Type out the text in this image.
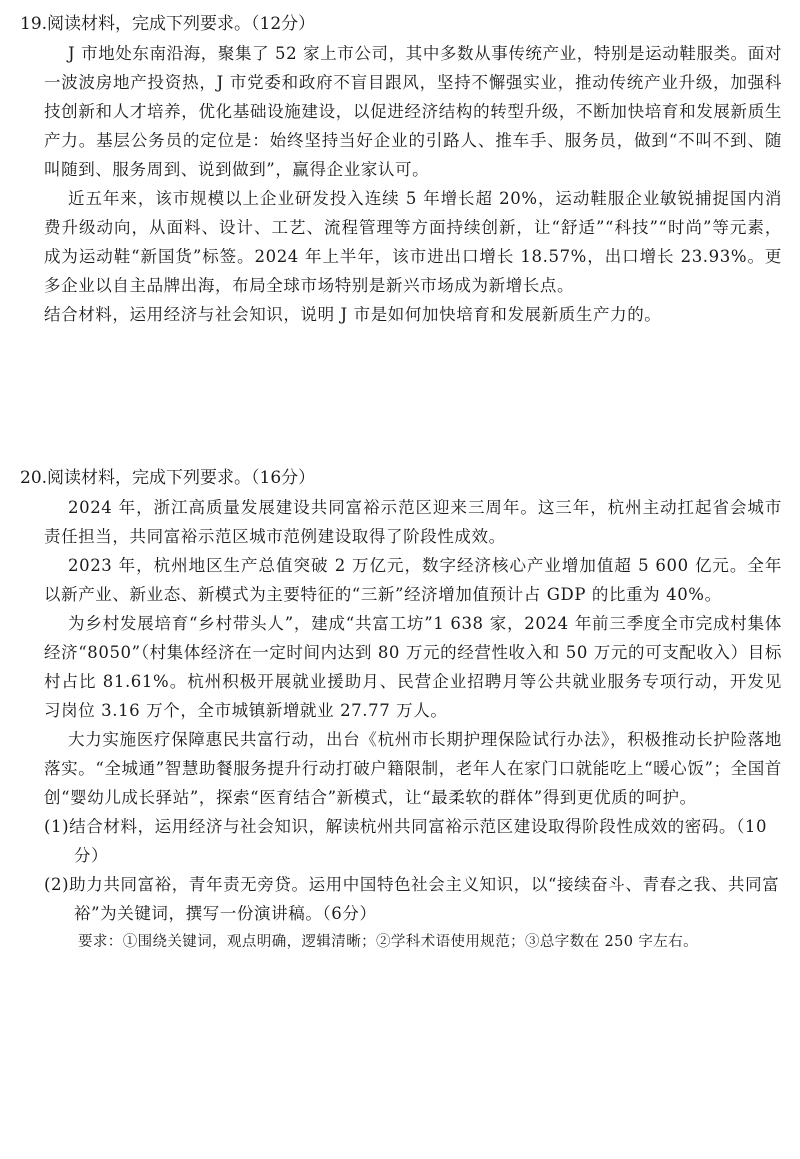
19.阅读材料，完成下列要求。（12分）

J 市地处东南沿海，聚集了 52 家上市公司，其中多数从事传统产业，特别是运动鞋服类。面对一波波房地产投资热，J 市党委和政府不盲目跟风，坚持不懈强实业，推动传统产业升级，加强科技创新和人才培养，优化基础设施建设，以促进经济结构的转型升级，不断加快培育和发展新质生产力。基层公务员的定位是：始终坚持当好企业的引路人、推车手、服务员，做到“不叫不到、随叫随到、服务周到、说到做到”，赢得企业家认可。

近五年来，该市规模以上企业研发投入连续 5 年增长超 20%，运动鞋服企业敏锐捕捉国内消费升级动向，从面料、设计、工艺、流程管理等方面持续创新，让“舒适”“科技”“时尚”等元素，成为运动鞋“新国货”标签。2024 年上半年，该市进出口增长 18.57%，出口增长 23.93%。更多企业以自主品牌出海，布局全球市场特别是新兴市场成为新增长点。

结合材料，运用经济与社会知识，说明 J 市是如何加快培育和发展新质生产力的。

20.阅读材料，完成下列要求。（16分）

2024 年，浙江高质量发展建设共同富裕示范区迎来三周年。这三年，杭州主动扛起省会城市责任担当，共同富裕示范区城市范例建设取得了阶段性成效。

2023 年，杭州地区生产总值突破 2 万亿元，数字经济核心产业增加值超 5 600 亿元。全年以新产业、新业态、新模式为主要特征的“三新”经济增加值预计占 GDP 的比重为 40%。

为乡村发展培育“乡村带头人”，建成“共富工坊”1 638 家，2024 年前三季度全市完成村集体经济“8050”（村集体经济在一定时间内达到 80 万元的经营性收入和 50 万元的可支配收入）目标村占比 81.61%。杭州积极开展就业援助月、民营企业招聘月等公共就业服务专项行动，开发见习岗位 3.16 万个，全市城镇新增就业 27.77 万人。

大力实施医疗保障惠民共富行动，出台《杭州市长期护理保险试行办法》，积极推动长护险落地落实。“全城通”智慧助餐服务提升行动打破户籍限制，老年人在家门口就能吃上“暖心饭”；全国首创“婴幼儿成长驿站”，探索“医育结合”新模式，让“最柔软的群体”得到更优质的呵护。

(1)结合材料，运用经济与社会知识，解读杭州共同富裕示范区建设取得阶段性成效的密码。（10分）

(2)助力共同富裕，青年责无旁贷。运用中国特色社会主义知识，以“接续奋斗、青春之我、共同富裕”为关键词，撰写一份演讲稿。（6分）

要求：①围绕关键词，观点明确，逻辑清晰；②学科术语使用规范；③总字数在 250 字左右。
